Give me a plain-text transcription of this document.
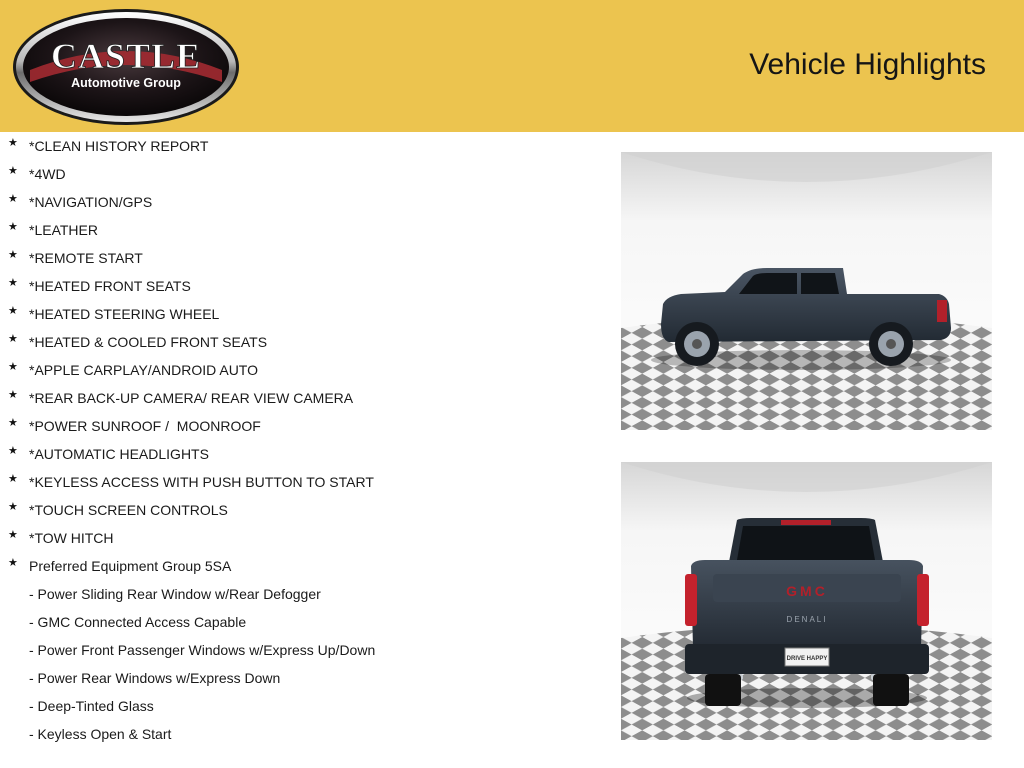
CASTLE
Automotive Group
Vehicle Highlights
★ *CLEAN HISTORY REPORT
★ *4WD
★ *NAVIGATION/GPS
★ *LEATHER
★ *REMOTE START
★ *HEATED FRONT SEATS
★ *HEATED STEERING WHEEL
★ *HEATED & COOLED FRONT SEATS
★ *APPLE CARPLAY/ANDROID AUTO
★ *REAR BACK-UP CAMERA/ REAR VIEW CAMERA
★ *POWER SUNROOF /  MOONROOF
★ *AUTOMATIC HEADLIGHTS
★ *KEYLESS ACCESS WITH PUSH BUTTON TO START
★ *TOUCH SCREEN CONTROLS
★ *TOW HITCH
★ Preferred Equipment Group 5SA
- Power Sliding Rear Window w/Rear Defogger
- GMC Connected Access Capable
- Power Front Passenger Windows w/Express Up/Down
- Power Rear Windows w/Express Down
- Deep-Tinted Glass
- Keyless Open & Start
GMC
DENALI
DRIVE HAPPY
